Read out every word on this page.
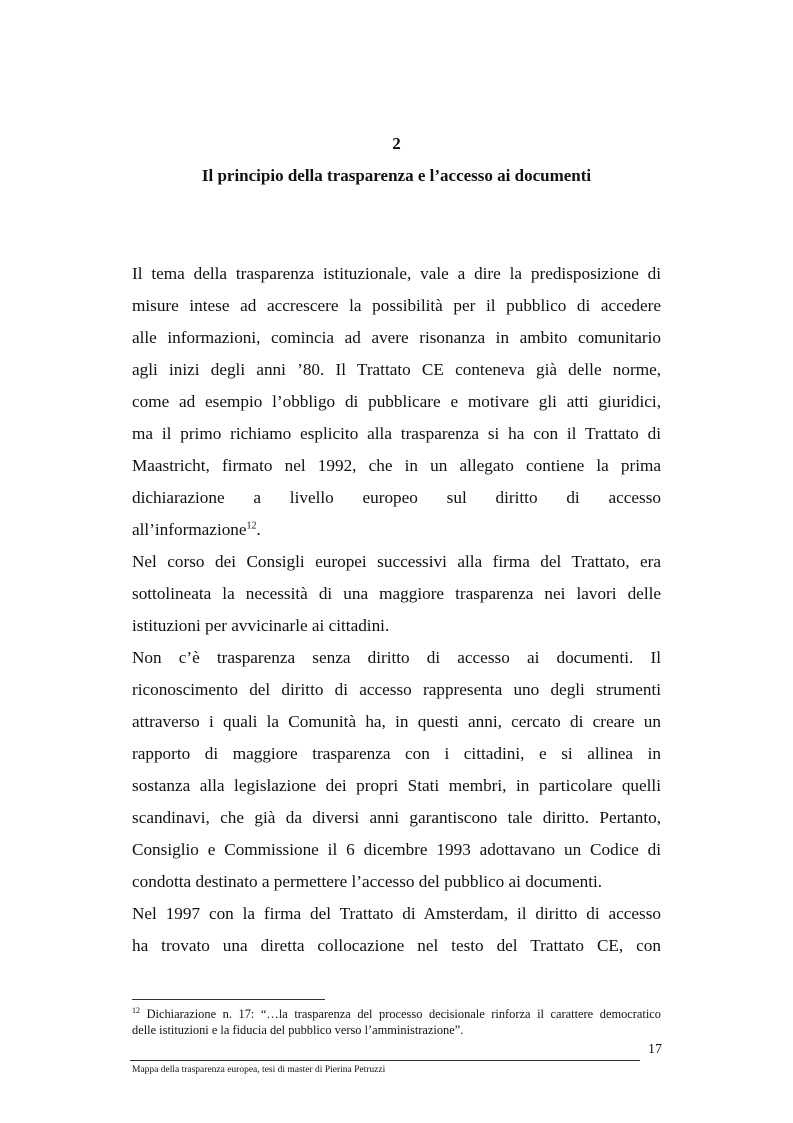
2
Il principio della trasparenza e l’accesso ai documenti
Il tema della trasparenza istituzionale, vale a dire la predisposizione di
misure intese ad accrescere la possibilità per il pubblico di accedere
alle informazioni, comincia ad avere risonanza in ambito comunitario
agli inizi degli anni ’80. Il Trattato CE conteneva già delle norme,
come ad esempio l’obbligo di pubblicare e motivare gli atti giuridici,
ma il primo richiamo esplicito alla trasparenza si ha con il Trattato di
Maastricht, firmato nel 1992, che in un allegato contiene la prima
dichiarazione a livello europeo sul diritto di accesso
all’informazione$^{12}$.
Nel corso dei Consigli europei successivi alla firma del Trattato, era
sottolineata la necessità di una maggiore trasparenza nei lavori delle
istituzioni per avvicinarle ai cittadini.
Non c’è trasparenza senza diritto di accesso ai documenti. Il
riconoscimento del diritto di accesso rappresenta uno degli strumenti
attraverso i quali la Comunità ha, in questi anni, cercato di creare un
rapporto di maggiore trasparenza con i cittadini, e si allinea in
sostanza alla legislazione dei propri Stati membri, in particolare quelli
scandinavi, che già da diversi anni garantiscono tale diritto. Pertanto,
Consiglio e Commissione il 6 dicembre 1993 adottavano un Codice di
condotta destinato a permettere l’accesso del pubblico ai documenti.
Nel 1997 con la firma del Trattato di Amsterdam, il diritto di accesso
ha trovato una diretta collocazione nel testo del Trattato CE, con
$^{12}$ Dichiarazione n. 17: “…la trasparenza del processo decisionale rinforza il carattere democratico
delle istituzioni e la fiducia del pubblico verso l’amministrazione”.
17
Mappa della trasparenza europea, tesi di master di Pierina Petruzzi
